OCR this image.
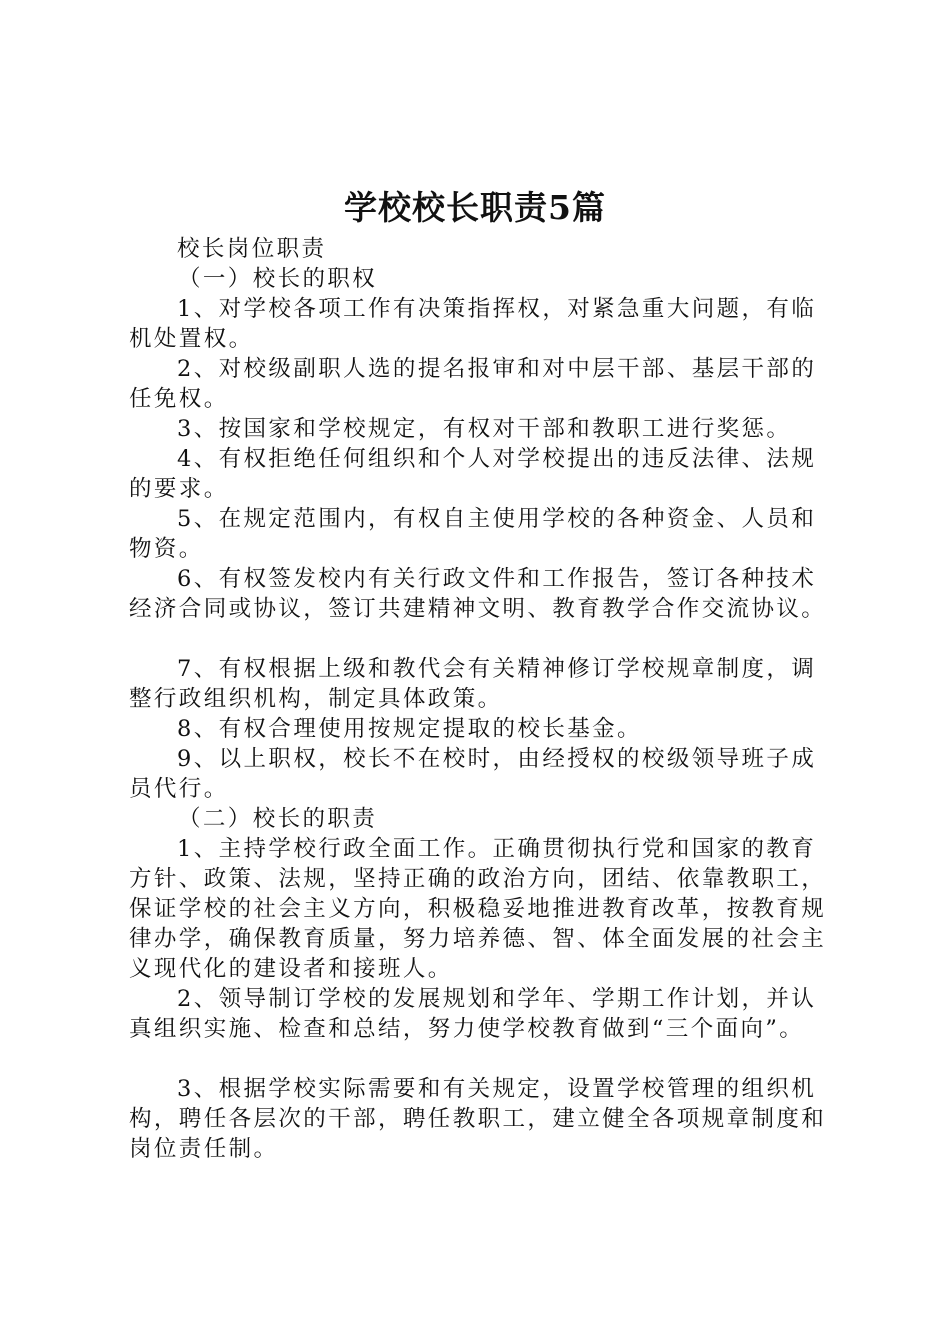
学校校长职责5篇

校长岗位职责

（一）校长的职权

1、对学校各项工作有决策指挥权，对紧急重大问题，有临机处置权。

2、对校级副职人选的提名报审和对中层干部、基层干部的任免权。

3、按国家和学校规定，有权对干部和教职工进行奖惩。

4、有权拒绝任何组织和个人对学校提出的违反法律、法规的要求。

5、在规定范围内，有权自主使用学校的各种资金、人员和物资。

6、有权签发校内有关行政文件和工作报告，签订各种技术经济合同或协议，签订共建精神文明、教育教学合作交流协议。

7、有权根据上级和教代会有关精神修订学校规章制度，调整行政组织机构，制定具体政策。

8、有权合理使用按规定提取的校长基金。

9、以上职权，校长不在校时，由经授权的校级领导班子成员代行。

（二）校长的职责

1、主持学校行政全面工作。正确贯彻执行党和国家的教育方针、政策、法规，坚持正确的政治方向，团结、依靠教职工，保证学校的社会主义方向，积极稳妥地推进教育改革，按教育规律办学，确保教育质量，努力培养德、智、体全面发展的社会主义现代化的建设者和接班人。

2、领导制订学校的发展规划和学年、学期工作计划，并认真组织实施、检查和总结，努力使学校教育做到“三个面向”。

3、根据学校实际需要和有关规定，设置学校管理的组织机构，聘任各层次的干部，聘任教职工，建立健全各项规章制度和岗位责任制。
